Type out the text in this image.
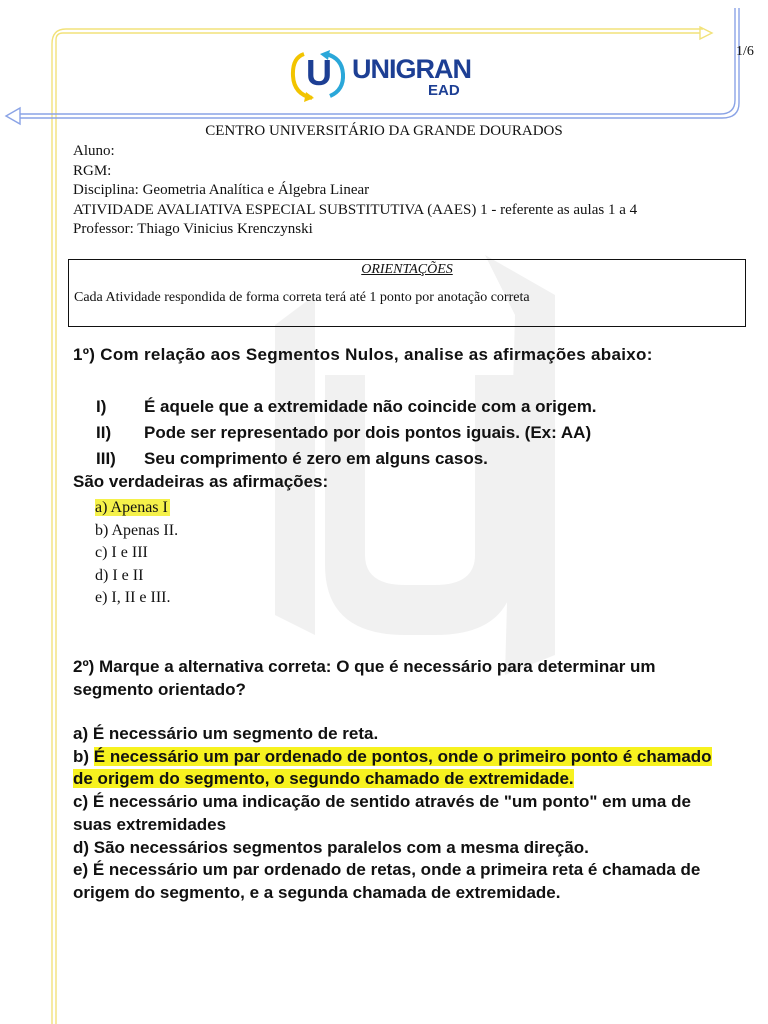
U UNIGRAN
EAD
1/6
CENTRO UNIVERSITÁRIO DA GRANDE DOURADOS
Aluno:
RGM:
Disciplina: Geometria Analítica e Álgebra Linear
ATIVIDADE AVALIATIVA ESPECIAL SUBSTITUTIVA (AAES) 1 - referente as aulas 1 a 4
Professor: Thiago Vinicius Krenczynski
ORIENTAÇÕES
Cada Atividade respondida de forma correta terá até 1 ponto por anotação correta
1º) Com relação aos Segmentos Nulos, analise as afirmações abaixo:
I)	É aquele que a extremidade não coincide com a origem.
II)	Pode ser representado por dois pontos iguais. (Ex: AA)
III)	Seu comprimento é zero em alguns casos.
São verdadeiras as afirmações:
a) Apenas I
b) Apenas II.
c) I e III
d) I e II
e) I, II e III.
2º) Marque a alternativa correta: O que é necessário para determinar um segmento orientado?
a) É necessário um segmento de reta.
b) É necessário um par ordenado de pontos, onde o primeiro ponto é chamado de origem do segmento, o segundo chamado de extremidade.
c) É necessário uma indicação de sentido através de "um ponto" em uma de suas extremidades
d) São necessários segmentos paralelos com a mesma direção.
e) É necessário um par ordenado de retas, onde a primeira reta é chamada de origem do segmento, e a segunda chamada de extremidade.
